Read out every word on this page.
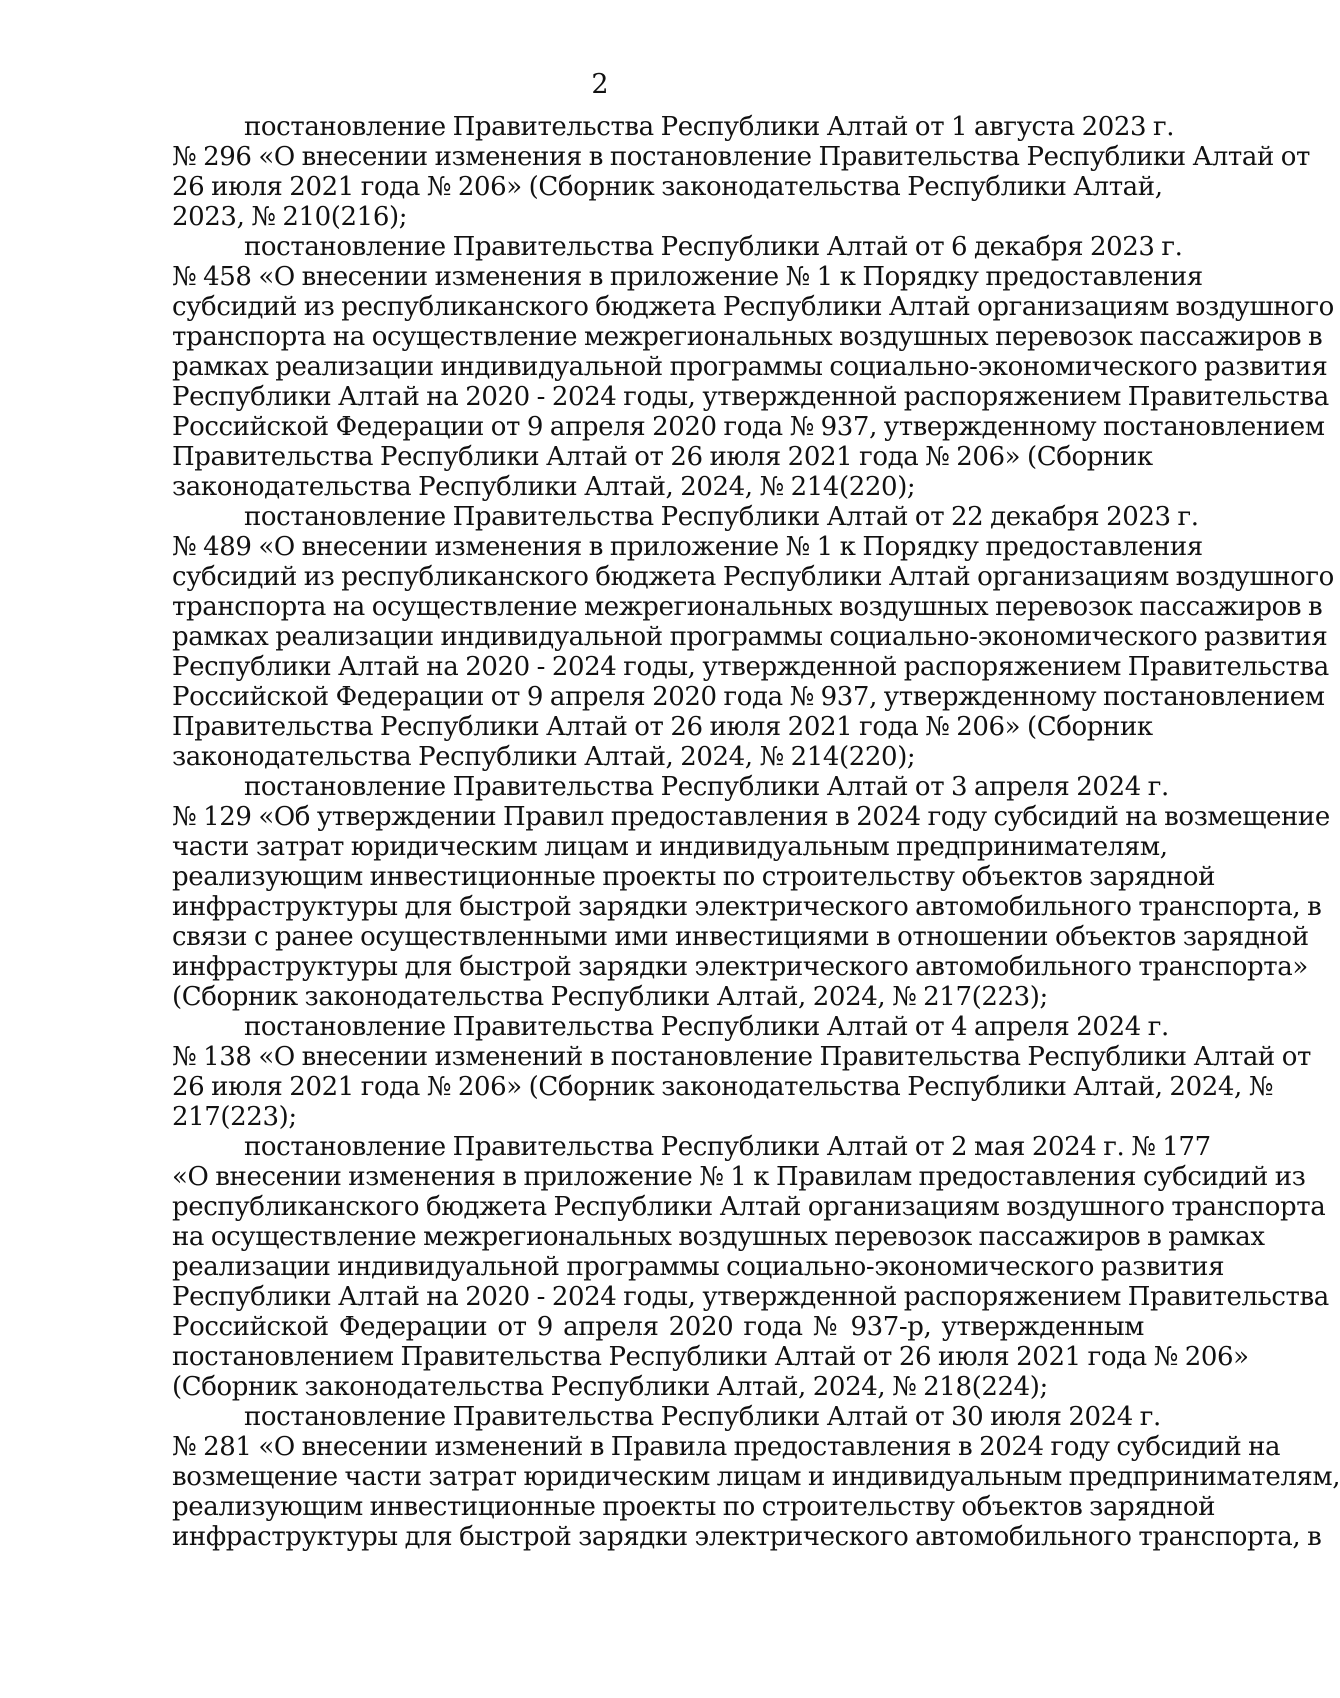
2
постановление Правительства Республики Алтай от 1 августа 2023 г.
№ 296 «О внесении изменения в постановление Правительства Республики Алтай от
26 июля 2021 года № 206» (Сборник законодательства Республики Алтай,
2023, № 210(216);
постановление Правительства Республики Алтай от 6 декабря 2023 г.
№ 458 «О внесении изменения в приложение № 1 к Порядку предоставления
субсидий из республиканского бюджета Республики Алтай организациям воздушного
транспорта на осуществление межрегиональных воздушных перевозок пассажиров в
рамках реализации индивидуальной программы социально-экономического развития
Республики Алтай на 2020 - 2024 годы, утвержденной распоряжением Правительства
Российской Федерации от 9 апреля 2020 года № 937, утвержденному постановлением
Правительства Республики Алтай от 26 июля 2021 года № 206» (Сборник
законодательства Республики Алтай, 2024, № 214(220);
постановление Правительства Республики Алтай от 22 декабря 2023 г.
№ 489 «О внесении изменения в приложение № 1 к Порядку предоставления
субсидий из республиканского бюджета Республики Алтай организациям воздушного
транспорта на осуществление межрегиональных воздушных перевозок пассажиров в
рамках реализации индивидуальной программы социально-экономического развития
Республики Алтай на 2020 - 2024 годы, утвержденной распоряжением Правительства
Российской Федерации от 9 апреля 2020 года № 937, утвержденному постановлением
Правительства Республики Алтай от 26 июля 2021 года № 206» (Сборник
законодательства Республики Алтай, 2024, № 214(220);
постановление Правительства Республики Алтай от 3 апреля 2024 г.
№ 129 «Об утверждении Правил предоставления в 2024 году субсидий на возмещение
части затрат юридическим лицам и индивидуальным предпринимателям,
реализующим инвестиционные проекты по строительству объектов зарядной
инфраструктуры для быстрой зарядки электрического автомобильного транспорта, в
связи с ранее осуществленными ими инвестициями в отношении объектов зарядной
инфраструктуры для быстрой зарядки электрического автомобильного транспорта»
(Сборник законодательства Республики Алтай, 2024, № 217(223);
постановление Правительства Республики Алтай от 4 апреля 2024 г.
№ 138 «О внесении изменений в постановление Правительства Республики Алтай от
26 июля 2021 года № 206» (Сборник законодательства Республики Алтай, 2024, №
217(223);
постановление Правительства Республики Алтай от 2 мая 2024 г. № 177
«О внесении изменения в приложение № 1 к Правилам предоставления субсидий из
республиканского бюджета Республики Алтай организациям воздушного транспорта
на осуществление межрегиональных воздушных перевозок пассажиров в рамках
реализации индивидуальной программы социально-экономического развития
Республики Алтай на 2020 - 2024 годы, утвержденной распоряжением Правительства
Российской Федерации от 9 апреля 2020 года № 937-р, утвержденным
постановлением Правительства Республики Алтай от 26 июля 2021 года № 206»
(Сборник законодательства Республики Алтай, 2024, № 218(224);
постановление Правительства Республики Алтай от 30 июля 2024 г.
№ 281 «О внесении изменений в Правила предоставления в 2024 году субсидий на
возмещение части затрат юридическим лицам и индивидуальным предпринимателям,
реализующим инвестиционные проекты по строительству объектов зарядной
инфраструктуры для быстрой зарядки электрического автомобильного транспорта, в
